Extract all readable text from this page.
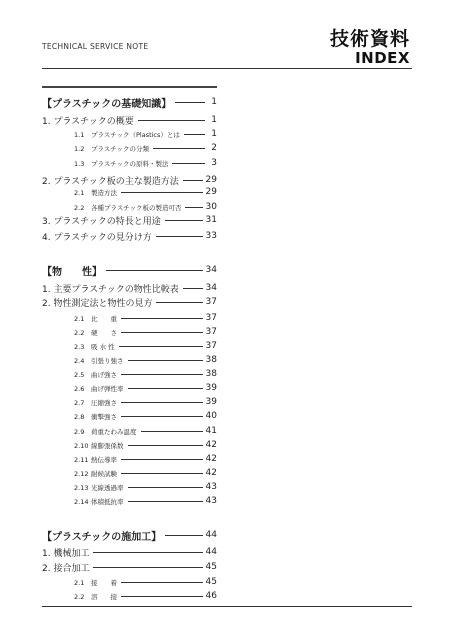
TECHNICAL SERVICE NOTE	技術資料
INDEX
【プラスチックの基礎知識】	1
1. プラスチックの概要	1
1.1 プラスチック（Plastics）とは	1
1.2 プラスチックの分類	2
1.3 プラスチックの原料・製法	3
2. プラスチック板の主な製造方法	29
2.1 製造方法	29
2.2 各種プラスチック板の製造可否	30
3. プラスチックの特長と用途	31
4. プラスチックの見分け方	33
【物　　性】	34
1. 主要プラスチックの物性比較表	34
2. 物性測定法と物性の見方	37
2.1 比　　重	37
2.2 硬　　さ	37
2.3 吸 水 性	37
2.4 引張り強さ	38
2.5 曲げ強さ	38
2.6 曲げ弾性率	39
2.7 圧縮強さ	39
2.8 衝撃強さ	40
2.9 荷重たわみ温度	41
2.10 線膨張係数	42
2.11 熱伝導率	42
2.12 耐候試験	42
2.13 光線透過率	43
2.14 体積抵抗率	43
【プラスチックの施加工】	44
1. 機械加工	44
2. 接合加工	45
2.1 接　　着	45
2.2 溶　　接	46
